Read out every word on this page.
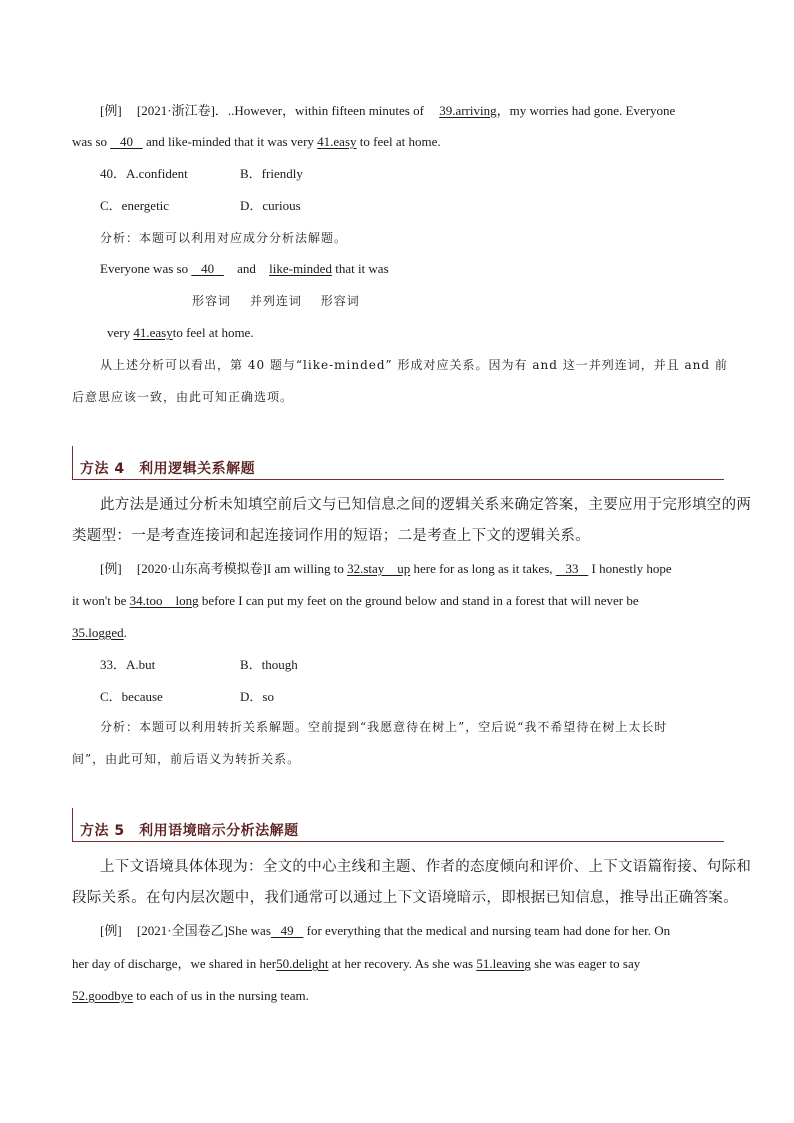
[例] [2021·浙江卷]．..However，within fifteen minutes of 39.arriving，my worries had gone. Everyone
was so 40 and like-minded that it was very 41.easy to feel at home.
40．A.confident	B．friendly
C．energetic	D．curious
分析：本题可以利用对应成分分析法解题。
Everyone was so 40 and like-minded that it was
形容词 并列连词 形容词
very 41.easyto feel at home.
从上述分析可以看出，第 40 题与“like-minded” 形成对应关系。因为有 and 这一并列连词，并且 and 前
后意思应该一致，由此可知正确选项。
方法 4　利用逻辑关系解题
此方法是通过分析未知填空前后文与已知信息之间的逻辑关系来确定答案，主要应用于完形填空的两
类题型：一是考查连接词和起连接词作用的短语；二是考查上下文的逻辑关系。
[例] [2020·山东高考模拟卷]I am willing to 32.stay　up here for as long as it takes, 33 I honestly hope
it won't be 34.too　long before I can put my feet on the ground below and stand in a forest that will never be
35.logged.
33．A.but	B．though
C．because	D．so
分析：本题可以利用转折关系解题。空前提到“我愿意待在树上”，空后说“我不希望待在树上太长时
间”，由此可知，前后语义为转折关系。
方法 5　利用语境暗示分析法解题
上下文语境具体体现为：全文的中心主线和主题、作者的态度倾向和评价、上下文语篇衔接、句际和
段际关系。在句内层次题中，我们通常可以通过上下文语境暗示，即根据已知信息，推导出正确答案。
[例] [2021·全国卷乙]She was 49 for everything that the medical and nursing team had done for her. On
her day of discharge，we shared in her50.delight at her recovery. As she was 51.leaving she was eager to say
52.goodbye to each of us in the nursing team.
